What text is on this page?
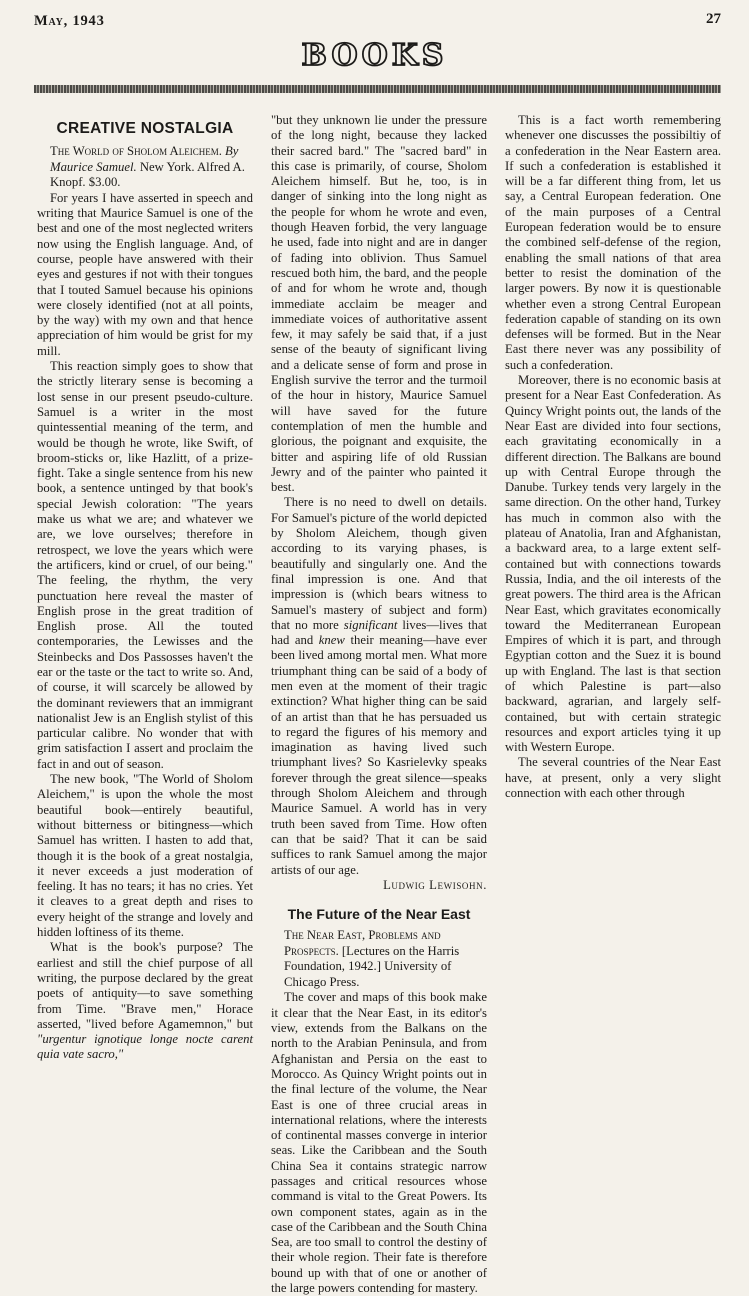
May, 1943	27
BOOKS
CREATIVE NOSTALGIA

The World of Sholom Aleichem. By Maurice Samuel. New York. Alfred A. Knopf. $3.00.

For years I have asserted in speech and writing that Maurice Samuel is one of the best and one of the most neglected writers now using the English language. And, of course, people have answered with their eyes and gestures if not with their tongues that I touted Samuel because his opinions were closely identified (not at all points, by the way) with my own and that hence appreciation of him would be grist for my mill.

This reaction simply goes to show that the strictly literary sense is becoming a lost sense in our present pseudo-culture. Samuel is a writer in the most quintessential meaning of the term, and would be though he wrote, like Swift, of broom-sticks or, like Hazlitt, of a prize-fight. Take a single sentence from his new book, a sentence untinged by that book's special Jewish coloration: "The years make us what we are; and whatever we are, we love ourselves; therefore in retrospect, we love the years which were the artificers, kind or cruel, of our being." The feeling, the rhythm, the very punctuation here reveal the master of English prose in the great tradition of English prose. All the touted contemporaries, the Lewisses and the Steinbecks and Dos Passosses haven't the ear or the taste or the tact to write so. And, of course, it will scarcely be allowed by the dominant reviewers that an immigrant nationalist Jew is an English stylist of this particular calibre. No wonder that with grim satisfaction I assert and proclaim the fact in and out of season.

The new book, "The World of Sholom Aleichem," is upon the whole the most beautiful book—entirely beautiful, without bitterness or bitingness—which Samuel has written. I hasten to add that, though it is the book of a great nostalgia, it never exceeds a just moderation of feeling. It has no tears; it has no cries. Yet it cleaves to a great depth and rises to every height of the strange and lovely and hidden loftiness of its theme.

What is the book's purpose? The earliest and still the chief purpose of all writing, the purpose declared by the great poets of antiquity—to save something from Time. "Brave men," Horace asserted, "lived before Agamemnon," but "urgentur ignotique longe nocte carent quia vate sacro,"

"but they unknown lie under the pressure of the long night, because they lacked their sacred bard." The "sacred bard" in this case is primarily, of course, Sholom Aleichem himself. But he, too, is in danger of sinking into the long night as the people for whom he wrote and even, though Heaven forbid, the very language he used, fade into night and are in danger of fading into oblivion. Thus Samuel rescued both him, the bard, and the people of and for whom he wrote and, though immediate acclaim be meager and immediate voices of authoritative assent few, it may safely be said that, if a just sense of the beauty of significant living and a delicate sense of form and prose in English survive the terror and the turmoil of the hour in history, Maurice Samuel will have saved for the future contemplation of men the humble and glorious, the poignant and exquisite, the bitter and aspiring life of old Russian Jewry and of the painter who painted it best.

There is no need to dwell on details. For Samuel's picture of the world depicted by Sholom Aleichem, though given according to its varying phases, is beautifully and singularly one. And the final impression is one. And that impression is (which bears witness to Samuel's mastery of subject and form) that no more significant lives—lives that had and knew their meaning—have ever been lived among mortal men. What more triumphant thing can be said of a body of men even at the moment of their tragic extinction? What higher thing can be said of an artist than that he has persuaded us to regard the figures of his memory and imagination as having lived such triumphant lives? So Kasrielevky speaks forever through the great silence—speaks through Sholom Aleichem and through Maurice Samuel. A world has in very truth been saved from Time. How often can that be said? That it can be said suffices to rank Samuel among the major artists of our age.

Ludwig Lewisohn.

The Future of the Near East

The Near East, Problems and Prospects. [Lectures on the Harris Foundation, 1942.] University of Chicago Press.

The cover and maps of this book make it clear that the Near East, in its editor's view, extends from the Balkans on the north to the Arabian Peninsula, and from Afghanistan and Persia on the east to Morocco. As Quincy Wright points out in the final lecture of the volume, the Near East is one of three crucial areas in international relations, where the interests of continental masses converge in interior seas. Like the Caribbean and the South China Sea it contains strategic narrow passages and critical resources whose command is vital to the Great Powers. Its own component states, again as in the case of the Caribbean and the South China Sea, are too small to control the destiny of their whole region. Their fate is therefore bound up with that of one or another of the large powers contending for mastery.

This is a fact worth remembering whenever one discusses the possibiltiy of a confederation in the Near Eastern area. If such a confederation is established it will be a far different thing from, let us say, a Central European federation. One of the main purposes of a Central European federation would be to ensure the combined self-defense of the region, enabling the small nations of that area better to resist the domination of the larger powers. By now it is questionable whether even a strong Central European federation capable of standing on its own defenses will be formed. But in the Near East there never was any possibility of such a confederation.

Moreover, there is no economic basis at present for a Near East Confederation. As Quincy Wright points out, the lands of the Near East are divided into four sections, each gravitating economically in a different direction. The Balkans are bound up with Central Europe through the Danube. Turkey tends very largely in the same direction. On the other hand, Turkey has much in common also with the plateau of Anatolia, Iran and Afghanistan, a backward area, to a large extent self-contained but with connections towards Russia, India, and the oil interests of the great powers. The third area is the African Near East, which gravitates economically toward the Mediterranean European Empires of which it is part, and through Egyptian cotton and the Suez it is bound up with England. The last is that section of which Palestine is part—also backward, agrarian, and largely self-contained, but with certain strategic resources and export articles tying it up with Western Europe.

The several countries of the Near East have, at present, only a very slight connection with each other through
